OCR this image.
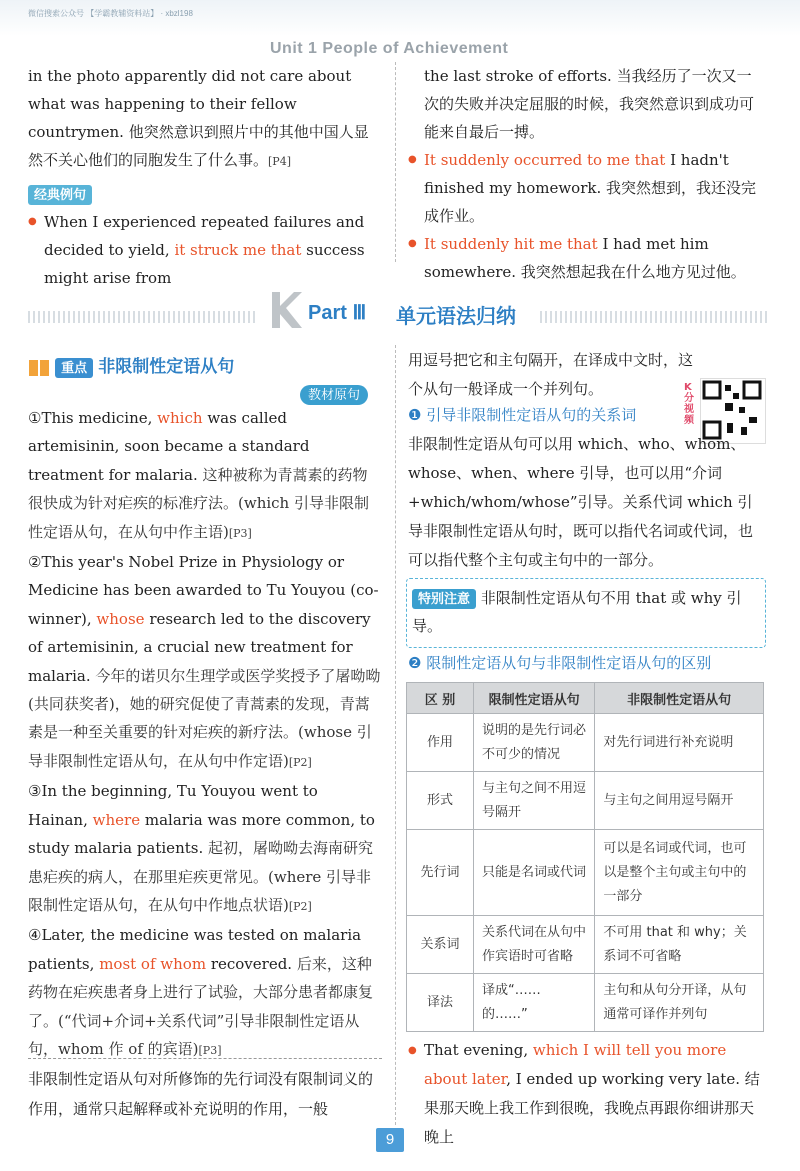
微信搜索公众号 【学霸教辅资料站】 · xbzl198
Unit 1 People of Achievement

in the photo apparently did not care about what was happening to their fellow countrymen. 他突然意识到照片中的其他中国人显然不关心他们的同胞发生了什么事。[P4]

经典例句

When I experienced repeated failures and decided to yield, it struck me that success might arise from

the last stroke of efforts. 当我经历了一次又一次的失败并决定屈服的时候，我突然意识到成功可能来自最后一搏。

It suddenly occurred to me that I hadn't finished my homework. 我突然想到，我还没完成作业。

It suddenly hit me that I had met him somewhere. 我突然想起我在什么地方见过他。

Part Ⅲ 单元语法归纳
重点 非限制性定语从句
教材原句

①This medicine, which was called artemisinin, soon became a standard treatment for malaria. 这种被称为青蒿素的药物很快成为针对疟疾的标准疗法。(which 引导非限制性定语从句，在从句中作主语)[P3]

②This year's Nobel Prize in Physiology or Medicine has been awarded to Tu Youyou (co-winner), whose research led to the discovery of artemisinin, a crucial new treatment for malaria. 今年的诺贝尔生理学或医学奖授予了屠呦呦(共同获奖者)，她的研究促使了青蒿素的发现，青蒿素是一种至关重要的针对疟疾的新疗法。(whose 引导非限制性定语从句，在从句中作定语)[P2]

③In the beginning, Tu Youyou went to Hainan, where malaria was more common, to study malaria patients. 起初，屠呦呦去海南研究患疟疾的病人，在那里疟疾更常见。(where 引导非限制性定语从句，在从句中作地点状语)[P2]

④Later, the medicine was tested on malaria patients, most of whom recovered. 后来，这种药物在疟疾患者身上进行了试验，大部分患者都康复了。(“代词+介词+关系代词”引导非限制性定语从句，whom 作 of 的宾语)[P3]

非限制性定语从句对所修饰的先行词没有限制词义的作用，通常只起解释或补充说明的作用，一般

用逗号把它和主句隔开，在译成中文时，这个从句一般译成一个并列句。	K分视频
❶ 引导非限制性定语从句的关系词

非限制性定语从句可以用 which、who、whom、whose、when、where 引导，也可以用“介词+which/whom/whose”引导。关系代词 which 引导非限制性定语从句时，既可以指代名词或代词，也可以指代整个主句或主句中的一部分。

特别注意 非限制性定语从句不用 that 或 why 引导。
❷ 限制性定语从句与非限制性定语从句的区别
区 别	限制性定语从句	非限制性定语从句
作用	说明的是先行词必不可少的情况	对先行词进行补充说明
形式	与主句之间不用逗号隔开	与主句之间用逗号隔开
先行词	只能是名词或代词	可以是名词或代词，也可以是整个主句或主句中的一部分
关系词	关系代词在从句中作宾语时可省略	不可用 that 和 why；关系词不可省略
译法	译成“……的……”	主句和从句分开译，从句通常可译作并列句

That evening, which I will tell you more about later, I ended up working very late. 结果那天晚上我工作到很晚，我晚点再跟你细讲那天晚上

9
